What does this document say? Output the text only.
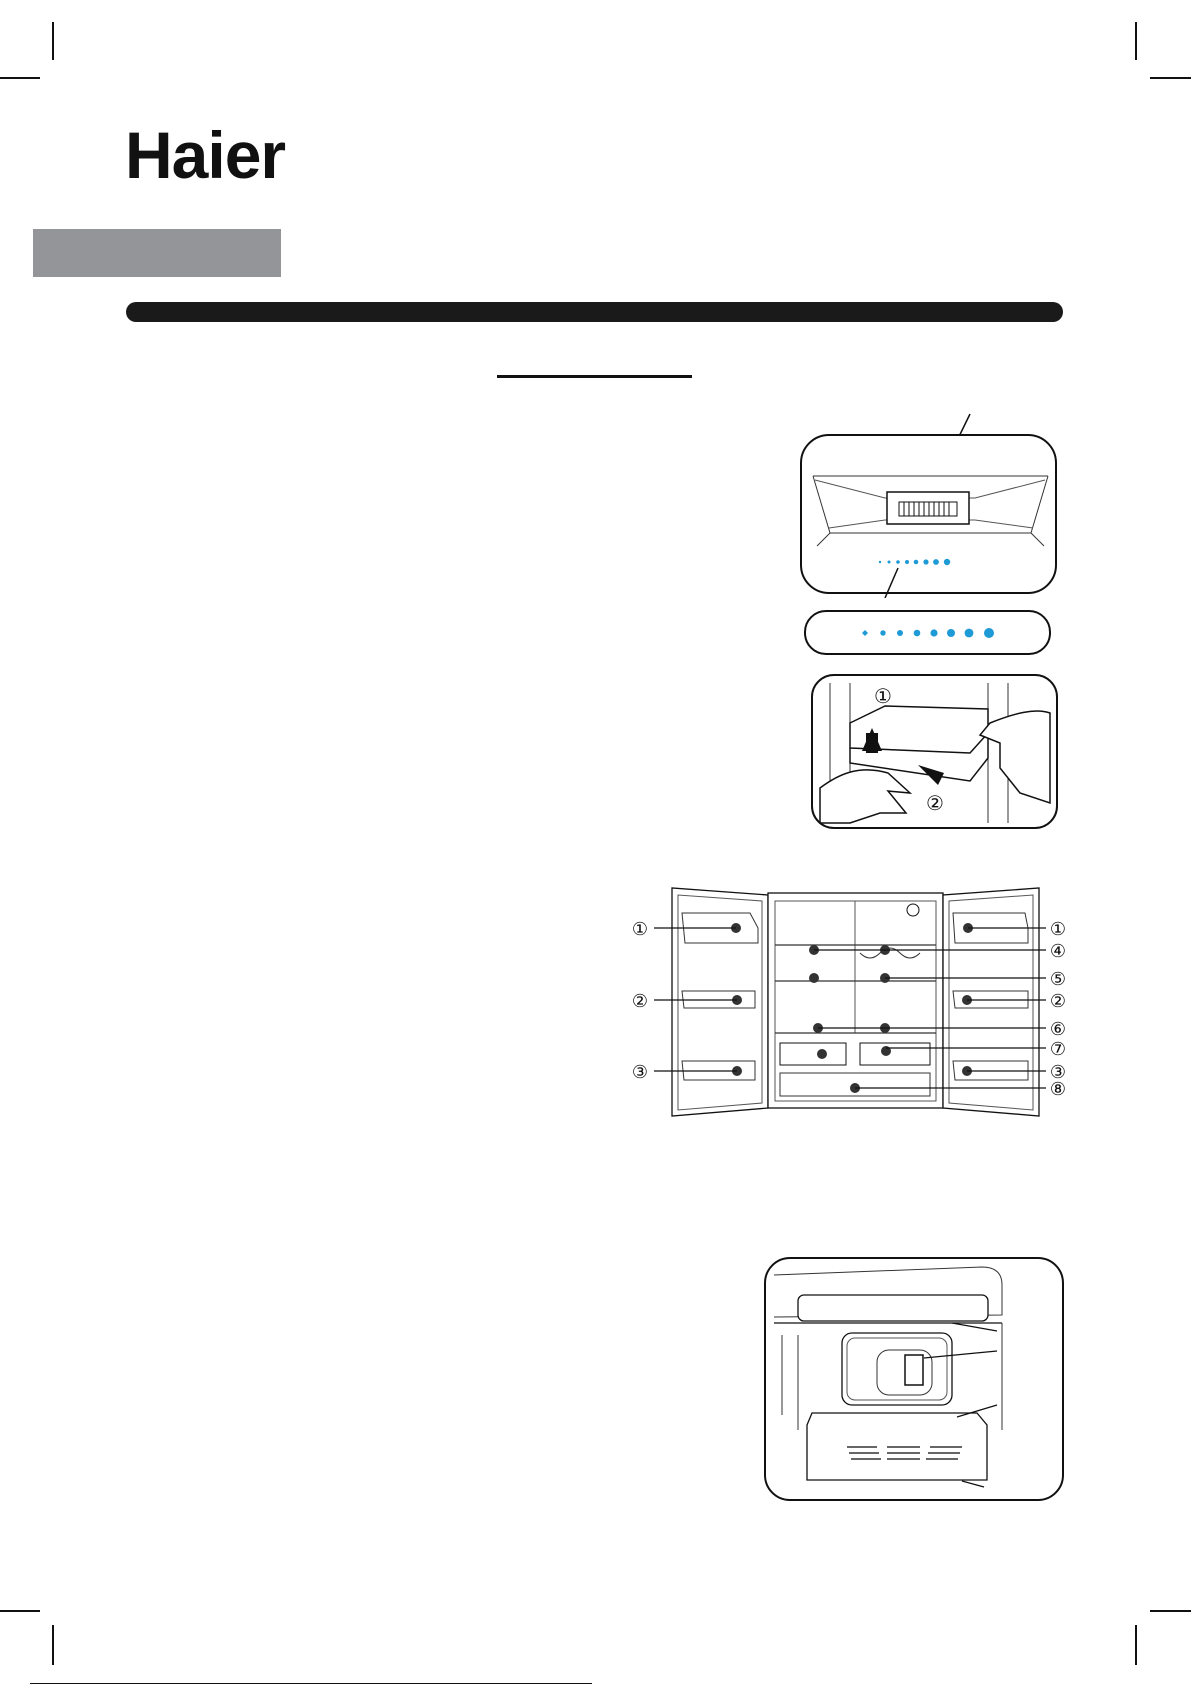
Haier
①
②
①
②
③
①
④
⑤
②
⑥
⑦
③
⑧
